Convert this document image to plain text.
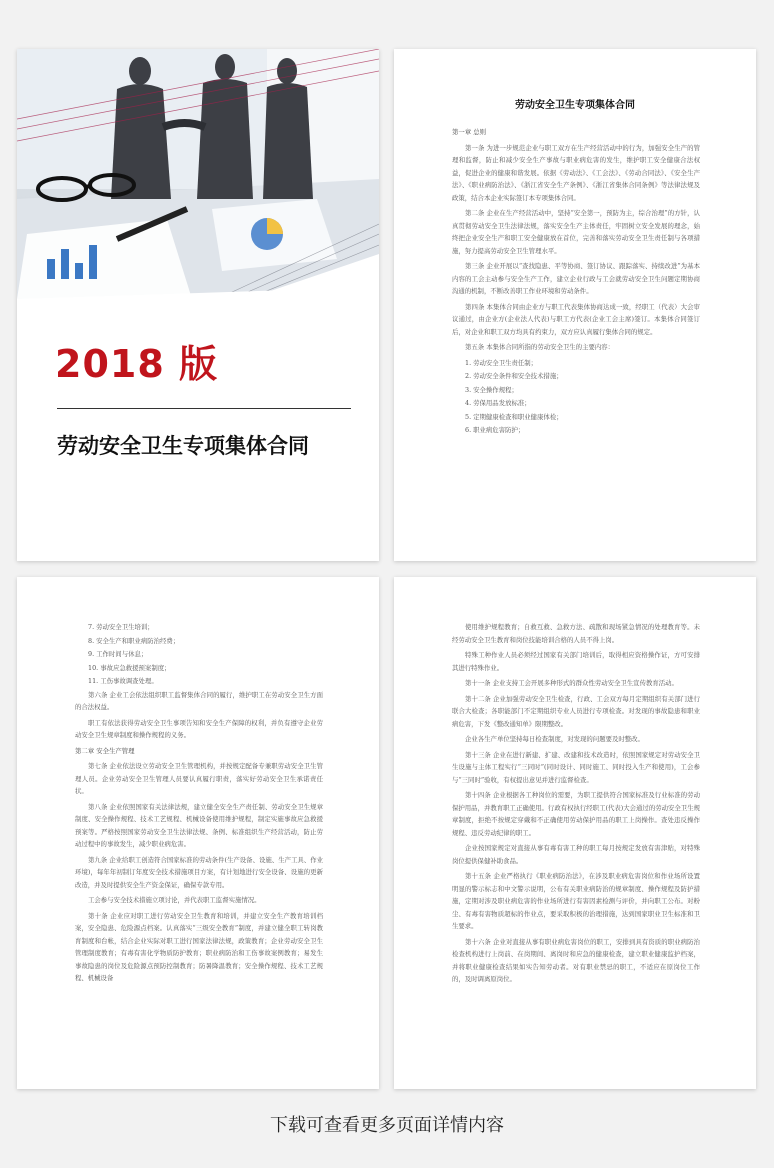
2018 版
劳动安全卫生专项集体合同
劳动安全卫生专项集体合同

第一章 总则

第一条 为进一步规范企业与职工双方在生产经营活动中的行为，加强安全生产的管理和监督，防止和减少安全生产事故与职业病危害的发生，维护职工安全健康合法权益，促进企业的健康和谐发展。依据《劳动法》、《工会法》、《劳动合同法》、《安全生产法》、《职业病防治法》、《浙江省安全生产条例》、《浙江省集体合同条例》等法律法规及政策，结合本企业实际签订本专项集体合同。

第二条 企业在生产经营活动中，坚持“安全第一，预防为主，综合治理”的方针，认真贯彻劳动安全卫生法律法规，落实安全生产主体责任，牢固树立安全发展的理念，始终把企业安全生产和职工安全健康放在首位，完善和落实劳动安全卫生责任制与各项措施，努力提高劳动安全卫生管理水平。

第三条 企业开展以“查找隐患、平等协商、签订协议、跟踪落实、持续改进”为基本内容的工会主动参与安全生产工作，建立企业行政与工会就劳动安全卫生问题定期协商沟通的机制，不断改善职工作业环境和劳动条件。

第四条 本集体合同由企业方与职工代表集体协商达成一致，经职工（代表）大会审议通过，由企业方(企业法人代表)与职工方代表(企业工会主席)签订。本集体合同签订后，对企业和职工双方均具有约束力，双方应认真履行集体合同的规定。

第五条 本集体合同所指的劳动安全卫生的主要内容：

1. 劳动安全卫生责任制；

2. 劳动安全条件和安全技术措施；

3. 安全操作规程；

4. 劳保用品发放标准；

5. 定期健康检查和职业健康体检；

6. 职业病危害防护；

7. 劳动安全卫生培训；

8. 安全生产和职业病防治经费；

9. 工作时间与休息；

10. 事故应急救援预案制度；

11. 工伤事故调查处理。

第六条 企业工会依法组织职工监督集体合同的履行，维护职工在劳动安全卫生方面的合法权益。

职工有依法获得劳动安全卫生事项告知和安全生产保障的权利，并负有遵守企业劳动安全卫生规章制度和操作规程的义务。

第二章 安全生产管理

第七条 企业依法设立劳动安全卫生管理机构，并按规定配备专兼职劳动安全卫生管理人员。企业劳动安全卫生管理人员要认真履行职责，落实好劳动安全卫生承诺责任状。

第八条 企业依照国家有关法律法规，建立健全安全生产责任制、劳动安全卫生规章制度、安全操作规程、技术工艺规程、机械设备使用维护规程，制定实施事故应急救援预案等。严格按照国家劳动安全卫生法律法规、条例、标准组织生产经营活动，防止劳动过程中的事故发生，减少职业病危害。

第九条 企业给职工创造符合国家标准的劳动条件(生产设备、设施、生产工具、作业环境)，每年年初制订年度安全技术措施项目方案，有计划地进行安全设备、设施的更新改造，并及时提供安全生产资金保证，确保专款专用。

工会参与安全技术措施立项讨论，并代表职工监督实施情况。

第十条 企业应对职工进行劳动安全卫生教育和培训，并建立安全生产教育培训档案，安全隐患、危险源点档案。认真落实“三级安全教育”制度，并建立健全职工转岗教育制度和台帐，结合企业实际对职工进行国家法律法规，政策教育；企业劳动安全卫生管理制度教育；有毒有害化学物质防护教育；职业病防治和工伤事故案例教育；易发生事故隐患的岗位及危险源点预防控制教育；防暑降温教育；安全操作规程、技术工艺规程、机械设备

使用维护规程教育；自救互救、急救方法、疏散和现场紧急情况的处理教育等。未经劳动安全卫生教育和岗位技能培训合格的人员不得上岗。

特殊工种作业人员必须经过国家有关部门培训后，取得相应资格操作证，方可安排其进行特殊作业。

第十一条 企业支持工会开展多种形式的群众性劳动安全卫生宣传教育活动。

第十二条 企业加强劳动安全卫生检查，行政、工会双方每月定期组织有关部门进行联合大检查；各职能部门不定期组织专业人员进行专项检查。对发现的事故隐患和职业病危害，下发《整改通知单》限期整改。

企业各生产单位坚持每日检查制度，对发现的问题要及时整改。

第十三条 企业在进行新建、扩建、改建和技术改造时，依照国家规定对劳动安全卫生设施与主体工程实行“三同时”(同时设计、同时施工、同时投入生产和使用)，工会参与“三同时”验收，有权提出意见并进行监督检查。

第十四条 企业根据各工种岗位的需要，为职工提供符合国家标准及行业标准的劳动保护用品，并教育职工正确使用。行政有权执行经职工(代表)大会通过的劳动安全卫生规章制度，拒绝不按规定穿戴和不正确使用劳动保护用品的职工上岗操作。查处违反操作规程、违反劳动纪律的职工。

企业按国家规定对直接从事有毒有害工种的职工每月按规定发放有害津贴，对特殊岗位提供保健补助食品。

第十五条 企业严格执行《职业病防治法》，在涉及职业病危害岗位和作业场所设置明显的警示标志和中文警示说明，公布有关职业病防治的规章制度、操作规程及防护措施，定期对涉及职业病危害的作业场所进行有害因素检测与评价，并向职工公布。对粉尘、有毒有害物质超标的作业点，要采取积极的治理措施，达到国家职业卫生标准和卫生要求。

第十六条 企业对直接从事有职业病危害岗位的职工，安排到具有资质的职业病防治检查机构进行上岗前、在岗期间、离岗时和应急的健康检查，建立职业健康监护档案，并将职业健康检查结果如实告知劳动者。对有职业禁忌的职工，不适应在原岗位工作的，及时调离原岗位。

下载可查看更多页面详情内容
